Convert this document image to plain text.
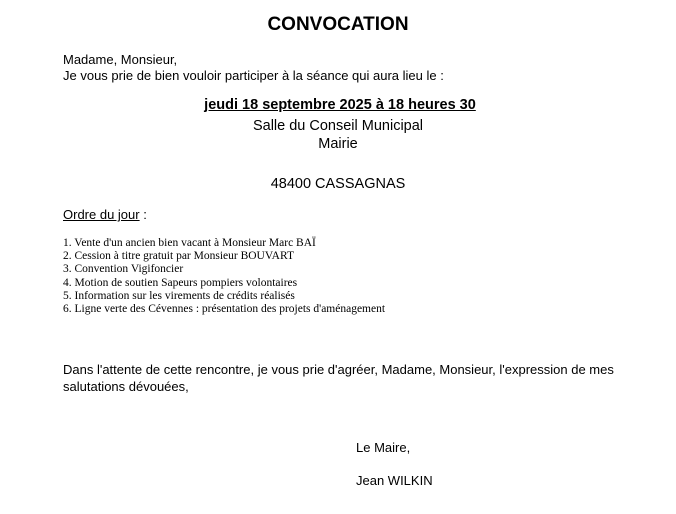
CONVOCATION
Madame, Monsieur,
Je vous prie de bien vouloir participer à la séance qui aura lieu le :
jeudi 18 septembre 2025 à 18 heures 30
Salle du Conseil Municipal
Mairie
48400 CASSAGNAS
Ordre du jour :
1. Vente d'un ancien bien vacant à Monsieur Marc BAÏ
2. Cession à titre gratuit par Monsieur BOUVART
3. Convention Vigifoncier
4. Motion de soutien Sapeurs pompiers volontaires
5. Information sur les virements de crédits réalisés
6. Ligne verte des Cévennes : présentation des projets d'aménagement
Dans l'attente de cette rencontre, je vous prie d'agréer, Madame, Monsieur, l'expression de mes salutations dévouées,
Le Maire,
Jean WILKIN
